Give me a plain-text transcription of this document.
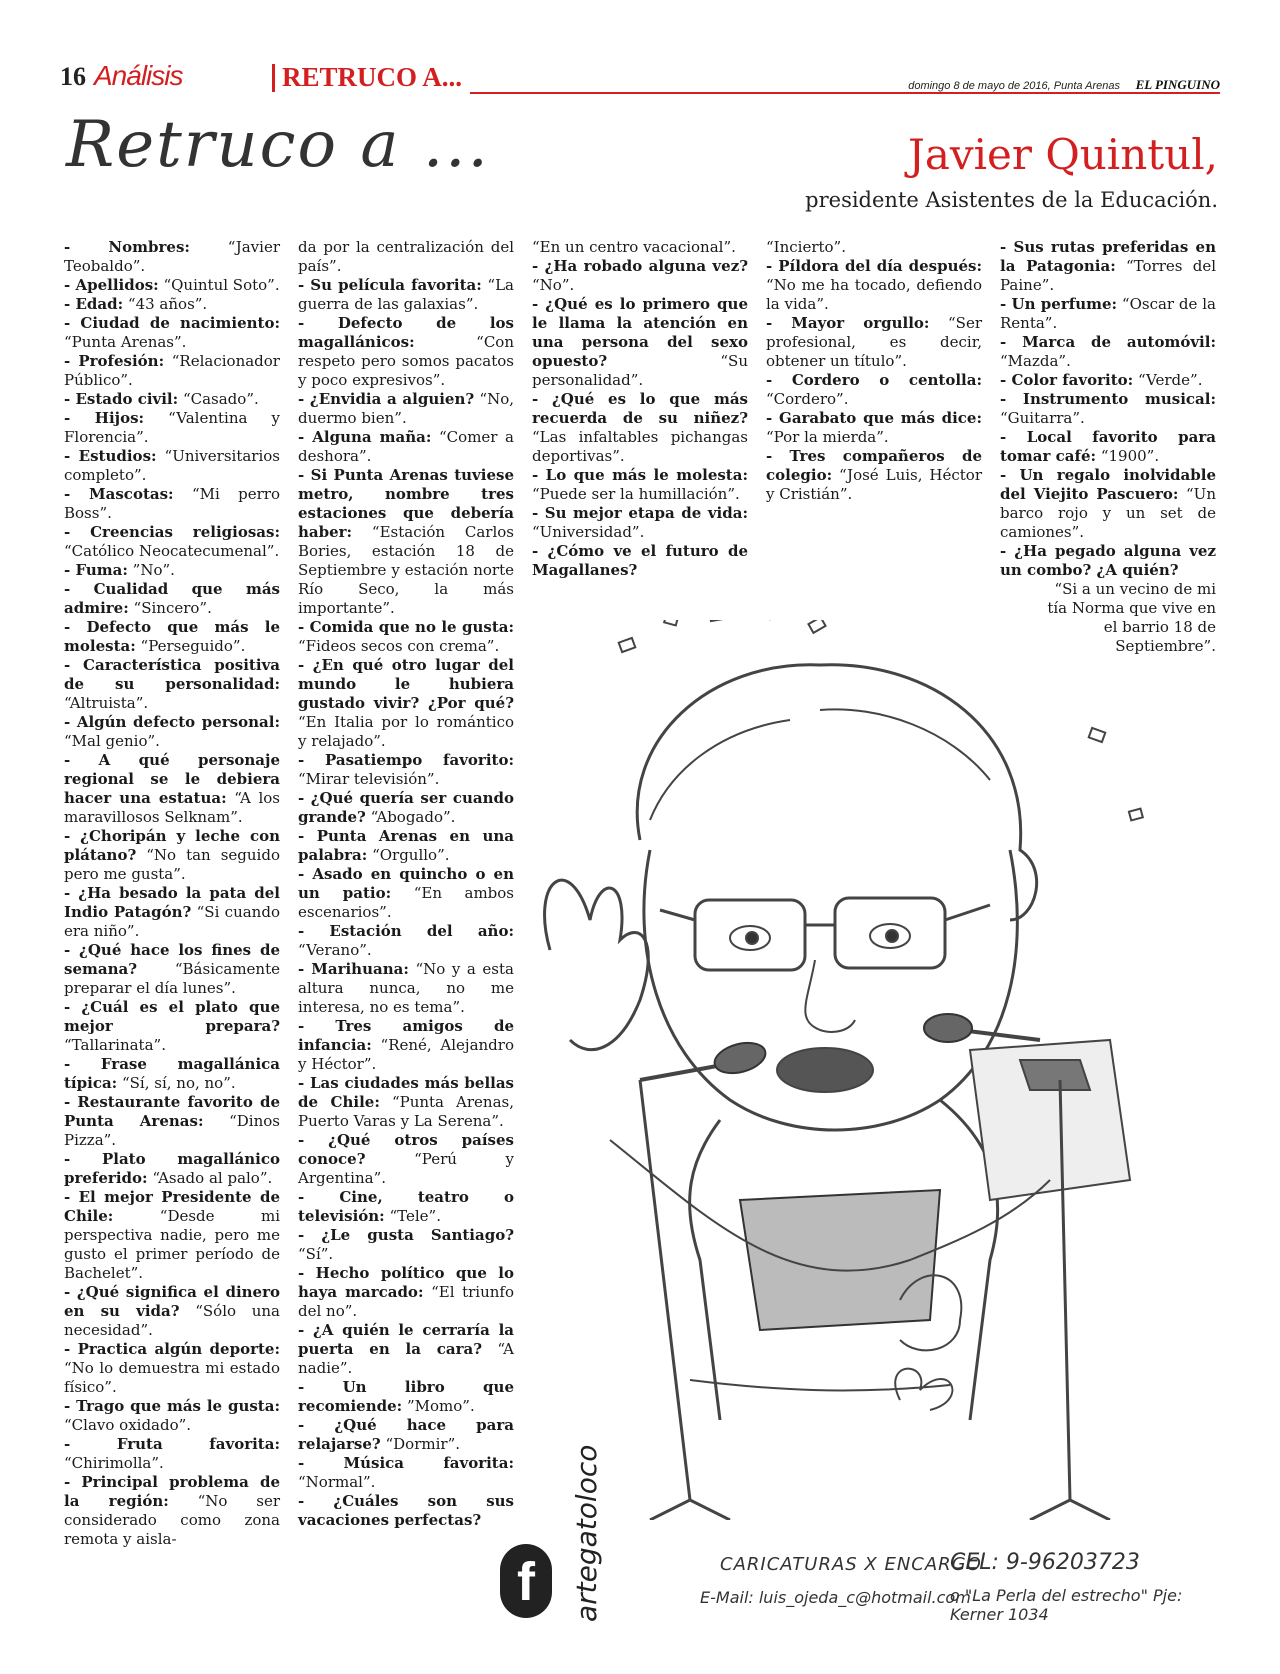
16 Análisis	RETRUCO A...	domingo 8 de mayo de 2016, Punta Arenas EL PINGUINO
Retruco a ...	Javier Quintul,
presidente Asistentes de la Educación.

- Nombres:	“Javier Teobaldo”.

- Apellidos: “Quintul Soto”.

- Edad: “43 años”.

- Ciudad de nacimiento: “Punta Arenas”.

- Profesión: “Relacionador Público”.

- Estado civil: “Casado”.

- Hijos: “Valentina y Florencia”.

- Estudios: “Universitarios completo”.

- Mascotas: “Mi perro Boss”.

- Creencias religiosas: “Católico Neocatecumenal”.

- Fuma: ”No”.

- Cualidad que más admire: “Sincero”.

- Defecto que más le molesta: “Perseguido”.

- Característica positiva de su personalidad: “Altruista”.

- Algún defecto personal: “Mal genio”.

- A qué personaje regional se le debiera hacer una estatua: “A los maravillosos Selknam”.

- ¿Choripán y leche con plátano? “No tan seguido pero me gusta”.

- ¿Ha besado la pata del Indio Patagón? “Si cuando era niño”.

- ¿Qué hace los fines de semana?	“Básicamente preparar el día lunes”.

- ¿Cuál es el plato que mejor prepara? “Tallarinata”.

- Frase magallánica típica: “Sí, sí, no, no”.

- Restaurante favorito de Punta Arenas: “Dinos Pizza”.

- Plato magallánico preferido: “Asado al palo”.

- El mejor Presidente de Chile:	“Desde mi perspectiva nadie, pero me gusto el primer período de Bachelet”.

- ¿Qué significa el dinero en su vida? “Sólo una necesidad”.

- Practica algún deporte: “No lo demuestra mi estado físico”.

- Trago que más le gusta: “Clavo oxidado”.

- Fruta favorita: “Chirimolla”.

- Principal problema de la región: “No ser considerado como zona remota y aisla-

da por la centralización del país”.

- Su película favorita: “La guerra de las galaxias”.

- Defecto de los magallánicos:	“Con respeto pero somos pacatos y poco expresivos”.

- ¿Envidia a alguien? “No, duermo bien”.

- Alguna maña: “Comer a deshora”.

- Si Punta Arenas tuviese metro, nombre tres estaciones que debería haber: “Estación Carlos Bories, estación 18 de Septiembre y estación norte Río Seco, la más importante”.

- Comida que no le gusta: “Fideos secos con crema”.

- ¿En qué otro lugar del mundo le hubiera gustado vivir? ¿Por qué? “En Italia por lo romántico y relajado”.

- Pasatiempo favorito: “Mirar televisión”.

- ¿Qué quería ser cuando grande? “Abogado”.

- Punta Arenas en una palabra: “Orgullo”.

- Asado en quincho o en un patio: “En ambos escenarios”.

- Estación del año: “Verano”.

- Marihuana: “No y a esta altura nunca, no me interesa, no es tema”.

- Tres amigos de infancia: “René, Alejandro y Héctor”.

- Las ciudades más bellas de Chile: “Punta Arenas, Puerto Varas y La Serena”.

- ¿Qué otros países conoce?	“Perú y Argentina”.

- Cine, teatro o televisión: “Tele”.

- ¿Le gusta Santiago? “Sí”.

- Hecho político que lo haya marcado: “El triunfo del no”.

- ¿A quién le cerraría la puerta en la cara? “A nadie”.

- Un libro que recomiende: ”Momo”.

- ¿Qué hace para relajarse? “Dormir”.

- Música favorita: “Normal”.

- ¿Cuáles son sus vacaciones perfectas?

“En un centro vacacional”.

- ¿Ha robado alguna vez? “No”.

- ¿Qué es lo primero que le llama la atención en una persona del sexo opuesto?	“Su personalidad”.

- ¿Qué es lo que más recuerda de su niñez? “Las infaltables pichangas deportivas”.

- Lo que más le molesta: “Puede ser la humillación”.

- Su mejor etapa de vida: “Universidad”.

- ¿Cómo ve el futuro de Magallanes?

“Incierto”.

- Píldora del día después: “No me ha tocado, defiendo la vida”.

- Mayor orgullo: “Ser profesional, es decir, obtener un título”.

- Cordero o centolla: “Cordero”.

- Garabato que más dice: “Por la mierda”.

- Tres compañeros de colegio: “José Luis, Héctor y Cristián”.

- Sus rutas preferidas en la Patagonia: “Torres del Paine”.

- Un perfume: “Oscar de la Renta”.

- Marca de automóvil: “Mazda”.

- Color favorito: “Verde”.

- Instrumento musical: “Guitarra”.

- Local favorito para tomar café: “1900”.

- Un regalo inolvidable del Viejito Pascuero: “Un barco rojo y un set de camiones”.

- ¿Ha pegado alguna vez un combo? ¿A quién?
“Si a un vecino de mi tía Norma que vive en el barrio 18 de Septiembre”.

f	artegatoloco	CARICATURAS X ENCARGO
CEL: 9-96203723
E-Mail: luis_ojeda_c@hotmail.com
o "La Perla del estrecho" Pje: Kerner 1034
